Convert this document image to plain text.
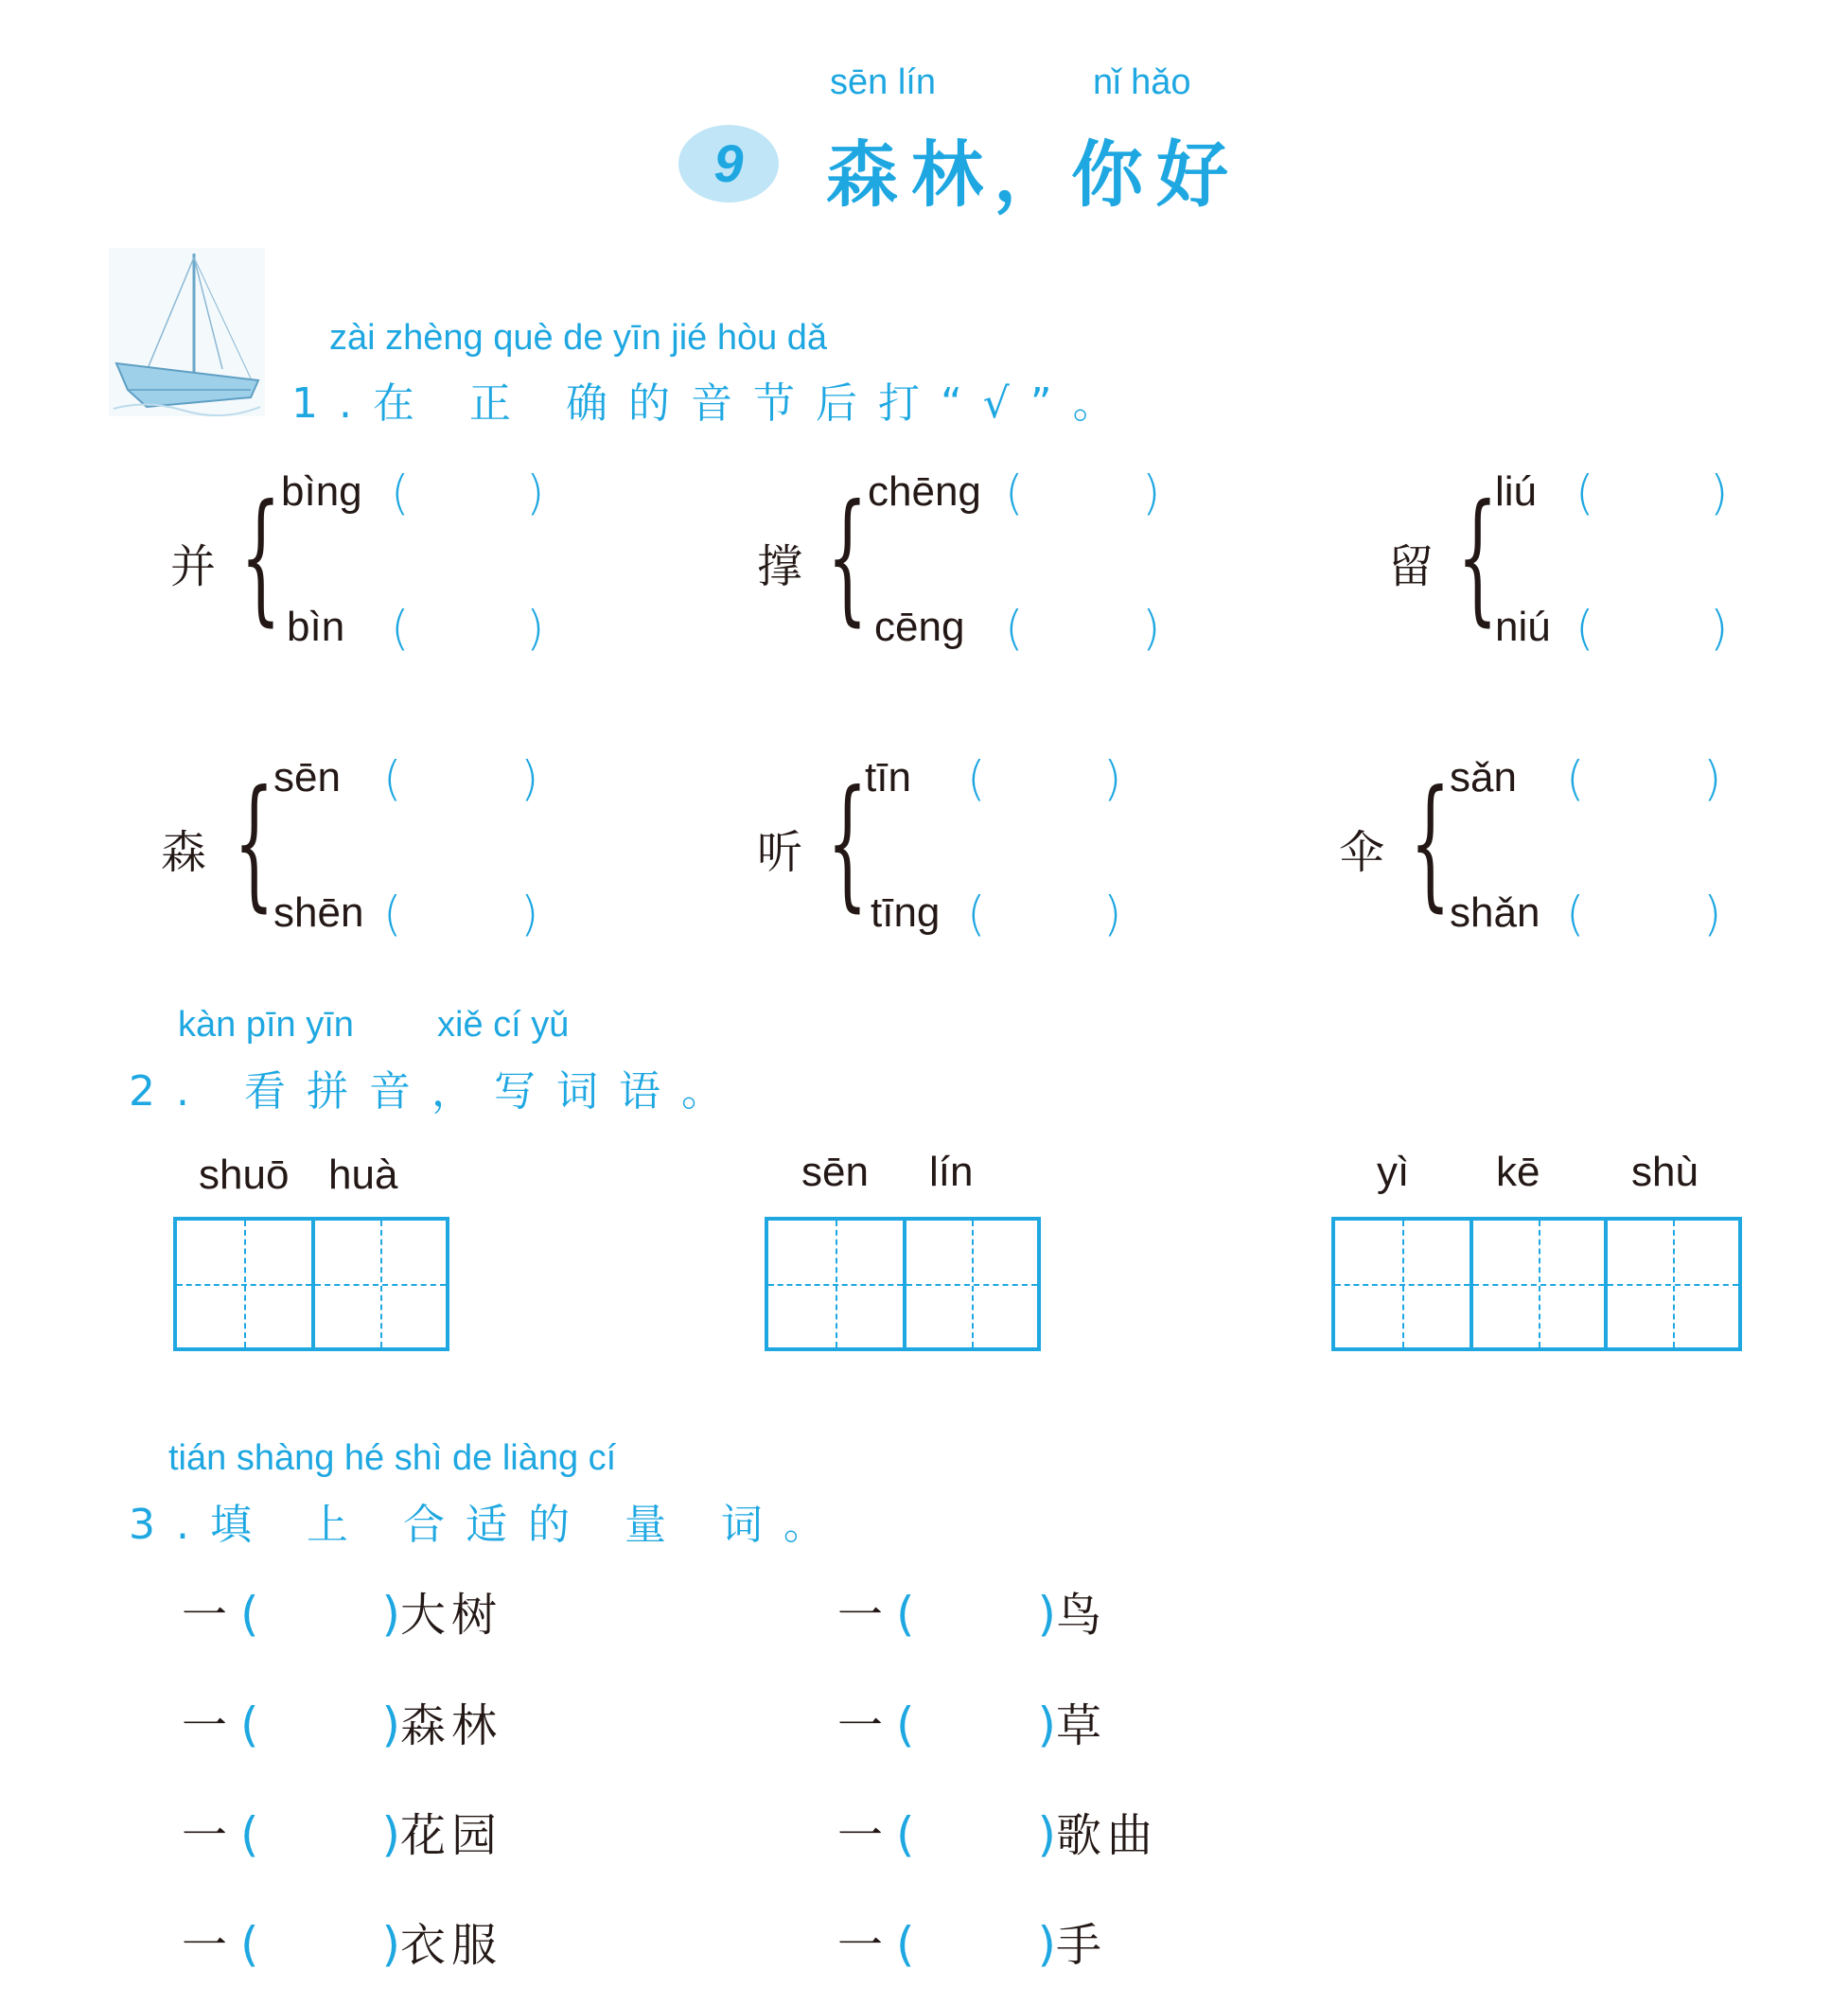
sēn lín	nǐ hǎo
9	森林
，
你好
zài zhèng què de yīn jié hòu dǎ
1.在 正 确的音节后打“√”。
并 { bìng ( )
bìn ( )
撑 { chēng (	)
cēng (	)
留 {
liú ( )
niú ( )
森 { sēn (	)
shēn (	)
听 {
tīn ( )
tīng ( )
伞 { sǎn (	)
shǎn (	)
kàn pīn yīn xiě cí yǔ
2. 看拼音，写词语。
shuō huà	sēn lín	yì kē shù
tián shàng hé shì de liàng cí
3.填 上 合适的 量 词。
一 (	)大树
一 (	)森林
一 (	)花园
一 (	)衣服
一 (	)鸟
一 (	)草
一 (	)歌曲
一 (	)手
